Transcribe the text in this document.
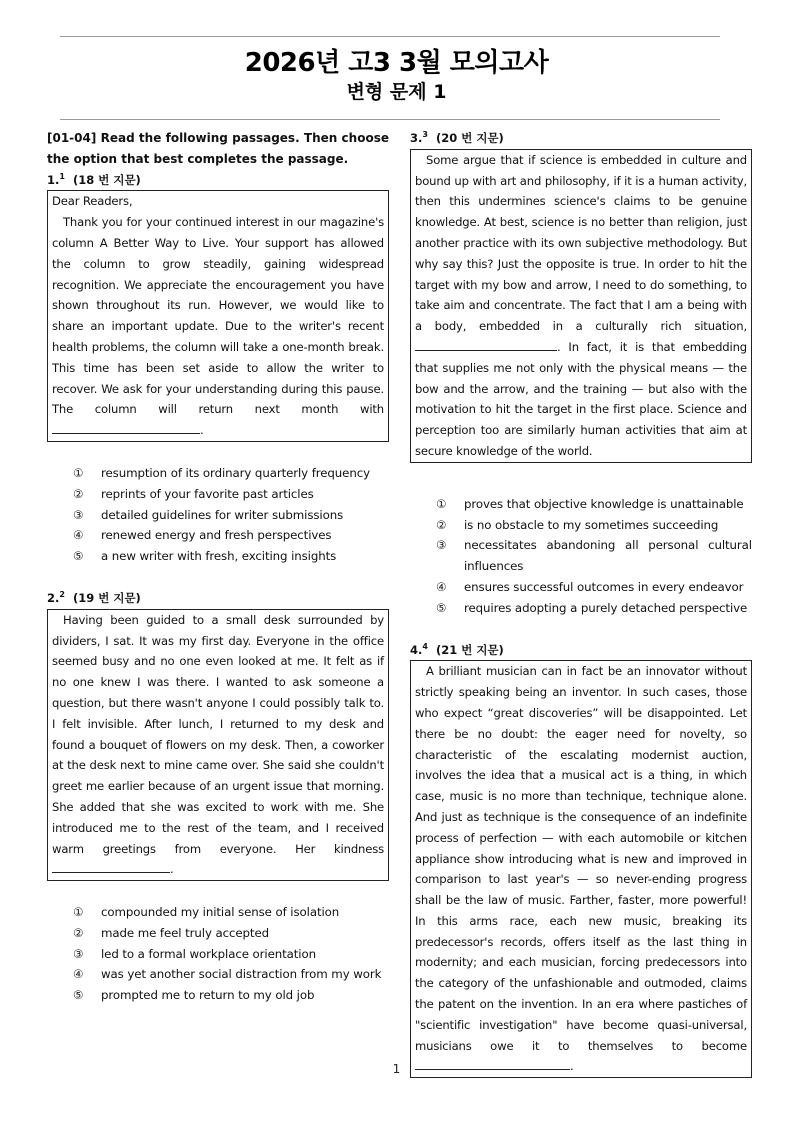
2026년 고3 3월 모의고사
변형 문제 1
[01-04] Read the following passages. Then choose the option that best completes the passage.
1.$^1$ (18 번 지문)

Dear Readers,

Thank you for your continued interest in our magazine's column A Better Way to Live. Your support has allowed the column to grow steadily, gaining widespread recognition. We appreciate the encouragement you have shown throughout its run. However, we would like to share an important update. Due to the writer's recent health problems, the column will take a one-month break. This time has been set aside to allow the writer to recover. We ask for your understanding during this pause. The column will return next month with .

①	resumption of its ordinary quarterly frequency
②	reprints of your favorite past articles
③	detailed guidelines for writer submissions
④	renewed energy and fresh perspectives
⑤	a new writer with fresh, exciting insights
2.$^2$ (19 번 지문)

Having been guided to a small desk surrounded by dividers, I sat. It was my first day. Everyone in the office seemed busy and no one even looked at me. It felt as if no one knew I was there. I wanted to ask someone a question, but there wasn't anyone I could possibly talk to. I felt invisible. After lunch, I returned to my desk and found a bouquet of flowers on my desk. Then, a coworker at the desk next to mine came over. She said she couldn't greet me earlier because of an urgent issue that morning. She added that she was excited to work with me. She introduced me to the rest of the team, and I received warm greetings from everyone. Her kindness .

①	compounded my initial sense of isolation
②	made me feel truly accepted
③	led to a formal workplace orientation
④	was yet another social distraction from my work
⑤	prompted me to return to my old job
3.$^3$ (20 번 지문)

Some argue that if science is embedded in culture and bound up with art and philosophy, if it is a human activity, then this undermines science's claims to be genuine knowledge. At best, science is no better than religion, just another practice with its own subjective methodology. But why say this? Just the opposite is true. In order to hit the target with my bow and arrow, I need to do something, to take aim and concentrate. The fact that I am a being with a body, embedded in a culturally rich situation, . In fact, it is that embedding that supplies me not only with the physical means — the bow and the arrow, and the training — but also with the motivation to hit the target in the first place. Science and perception too are similarly human activities that aim at secure knowledge of the world.

①	proves that objective knowledge is unattainable
②	is no obstacle to my sometimes succeeding
③	necessitates abandoning all personal cultural influences
④	ensures successful outcomes in every endeavor
⑤	requires adopting a purely detached perspective
4.$^4$ (21 번 지문)

A brilliant musician can in fact be an innovator without strictly speaking being an inventor. In such cases, those who expect “great discoveries” will be disappointed. Let there be no doubt: the eager need for novelty, so characteristic of the escalating modernist auction, involves the idea that a musical act is a thing, in which case, music is no more than technique, technique alone. And just as technique is the consequence of an indefinite process of perfection — with each automobile or kitchen appliance show introducing what is new and improved in comparison to last year's — so never-ending progress shall be the law of music. Farther, faster, more powerful! In this arms race, each new music, breaking its predecessor's records, offers itself as the last thing in modernity; and each musician, forcing predecessors into the category of the unfashionable and outmoded, claims the patent on the invention. In an era where pastiches of "scientific investigation" have become quasi-universal, musicians owe it to themselves to become .

1
